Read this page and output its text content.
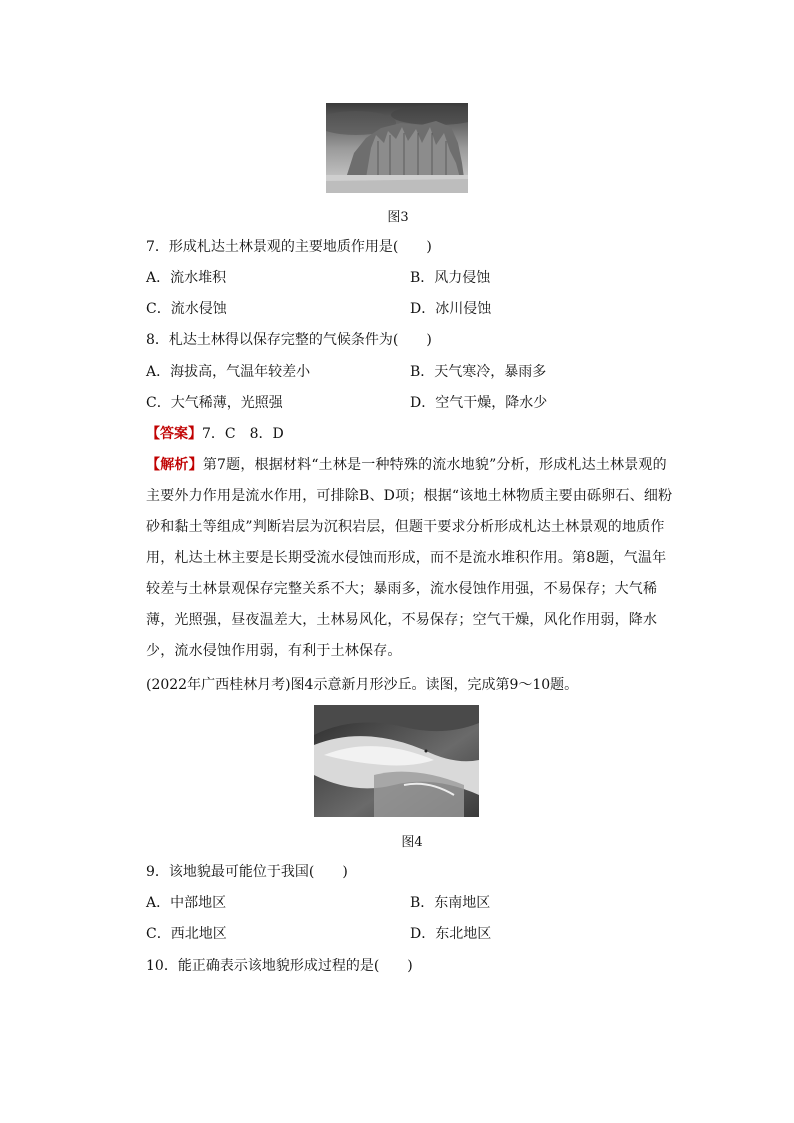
图3
7．形成札达土林景观的主要地质作用是(　　)
A．流水堆积	B．风力侵蚀
C．流水侵蚀	D．冰川侵蚀
8．札达土林得以保存完整的气候条件为(　　)
A．海拔高，气温年较差小	B．天气寒冷，暴雨多
C．大气稀薄，光照强	D．空气干燥，降水少
【答案】7．C　8．D
【解析】第7题，根据材料“土林是一种特殊的流水地貌”分析，形成札达土林景观的主要外力作用是流水作用，可排除B、D项；根据“该地土林物质主要由砾卵石、细粉砂和黏土等组成”判断岩层为沉积岩层，但题干要求分析形成札达土林景观的地质作用，札达土林主要是长期受流水侵蚀而形成，而不是流水堆积作用。第8题，气温年较差与土林景观保存完整关系不大；暴雨多，流水侵蚀作用强，不易保存；大气稀薄，光照强，昼夜温差大，土林易风化，不易保存；空气干燥，风化作用弱，降水少，流水侵蚀作用弱，有利于土林保存。
(2022年广西桂林月考)图4示意新月形沙丘。读图，完成第9～10题。
图4
9．该地貌最可能位于我国(　　)
A．中部地区	B．东南地区
C．西北地区	D．东北地区
10．能正确表示该地貌形成过程的是(　　)
